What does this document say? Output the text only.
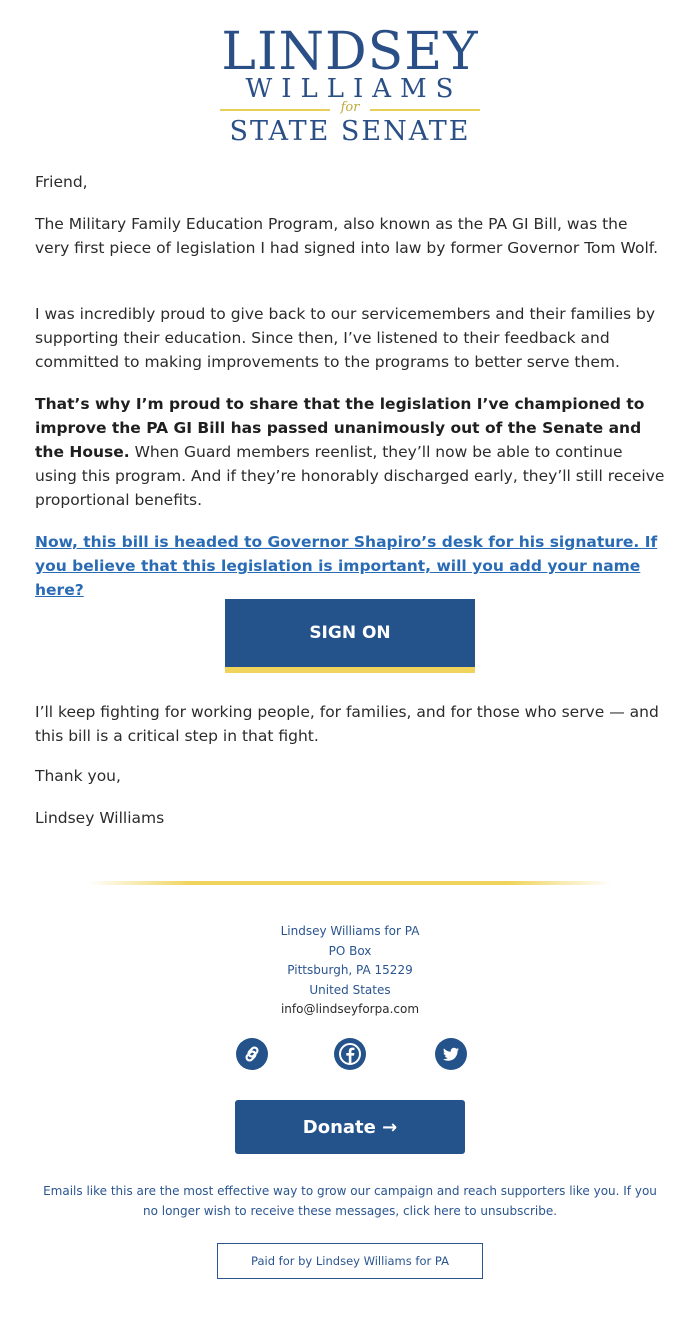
LINDSEY
WILLIAMS
for
STATE SENATE

Friend,

The Military Family Education Program, also known as the PA GI Bill, was the very first piece of legislation I had signed into law by former Governor Tom Wolf.

I was incredibly proud to give back to our servicemembers and their families by supporting their education. Since then, I’ve listened to their feedback and committed to making improvements to the programs to better serve them.

That’s why I’m proud to share that the legislation I’ve championed to improve the PA GI Bill has passed unanimously out of the Senate and the House. When Guard members reenlist, they’ll now be able to continue using this program. And if they’re honorably discharged early, they’ll still receive proportional benefits.

Now, this bill is headed to Governor Shapiro’s desk for his signature. If you believe that this legislation is important, will you add your name here?

I’ll keep fighting for working people, for families, and for those who serve — and this bill is a critical step in that fight.

Thank you,

Lindsey Williams

SIGN ON
Lindsey Williams for PA
PO Box
Pittsburgh, PA 15229
United States
info@lindseyforpa.com
Donate →
Emails like this are the most effective way to grow our campaign and reach supporters like you. If you no longer wish to receive these messages, click here to unsubscribe.
Paid for by Lindsey Williams for PA
